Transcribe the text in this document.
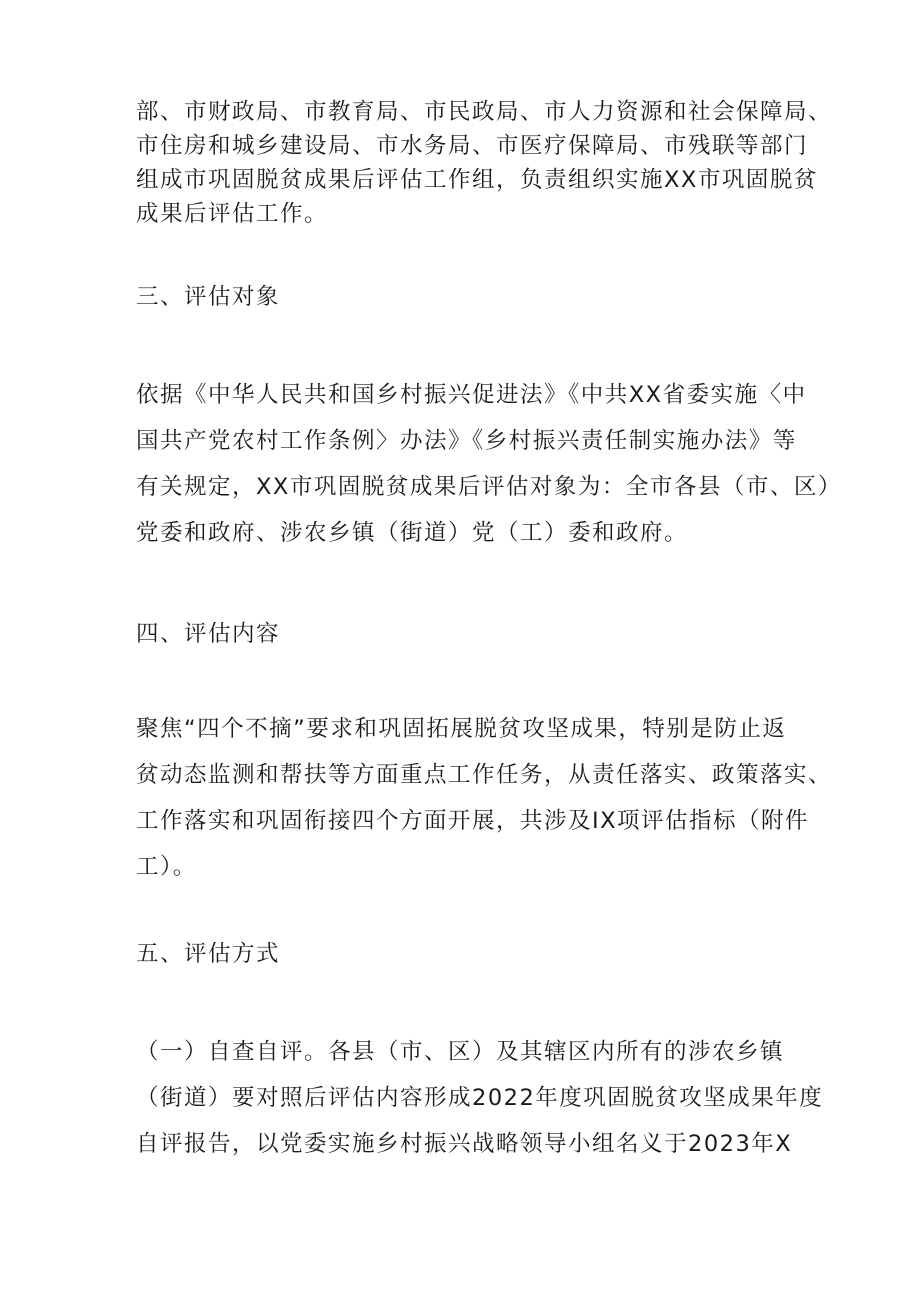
部、市财政局、市教育局、市民政局、市人力资源和社会保障局、
市住房和城乡建设局、市水务局、市医疗保障局、市残联等部门
组成市巩固脱贫成果后评估工作组，负责组织实施XX市巩固脱贫
成果后评估工作。

三、评估对象

依据《中华人民共和国乡村振兴促进法》《中共XX省委实施〈中
国共产党农村工作条例〉办法》《乡村振兴责任制实施办法》等
有关规定，XX市巩固脱贫成果后评估对象为：全市各县（市、区）
党委和政府、涉农乡镇（街道）党（工）委和政府。

四、评估内容

聚焦“四个不摘”要求和巩固拓展脱贫攻坚成果，特别是防止返
贫动态监测和帮扶等方面重点工作任务，从责任落实、政策落实、
工作落实和巩固衔接四个方面开展，共涉及IX项评估指标（附件
工）。

五、评估方式

（一）自查自评。各县（市、区）及其辖区内所有的涉农乡镇
（街道）要对照后评估内容形成2022年度巩固脱贫攻坚成果年度
自评报告，以党委实施乡村振兴战略领导小组名义于2023年X
